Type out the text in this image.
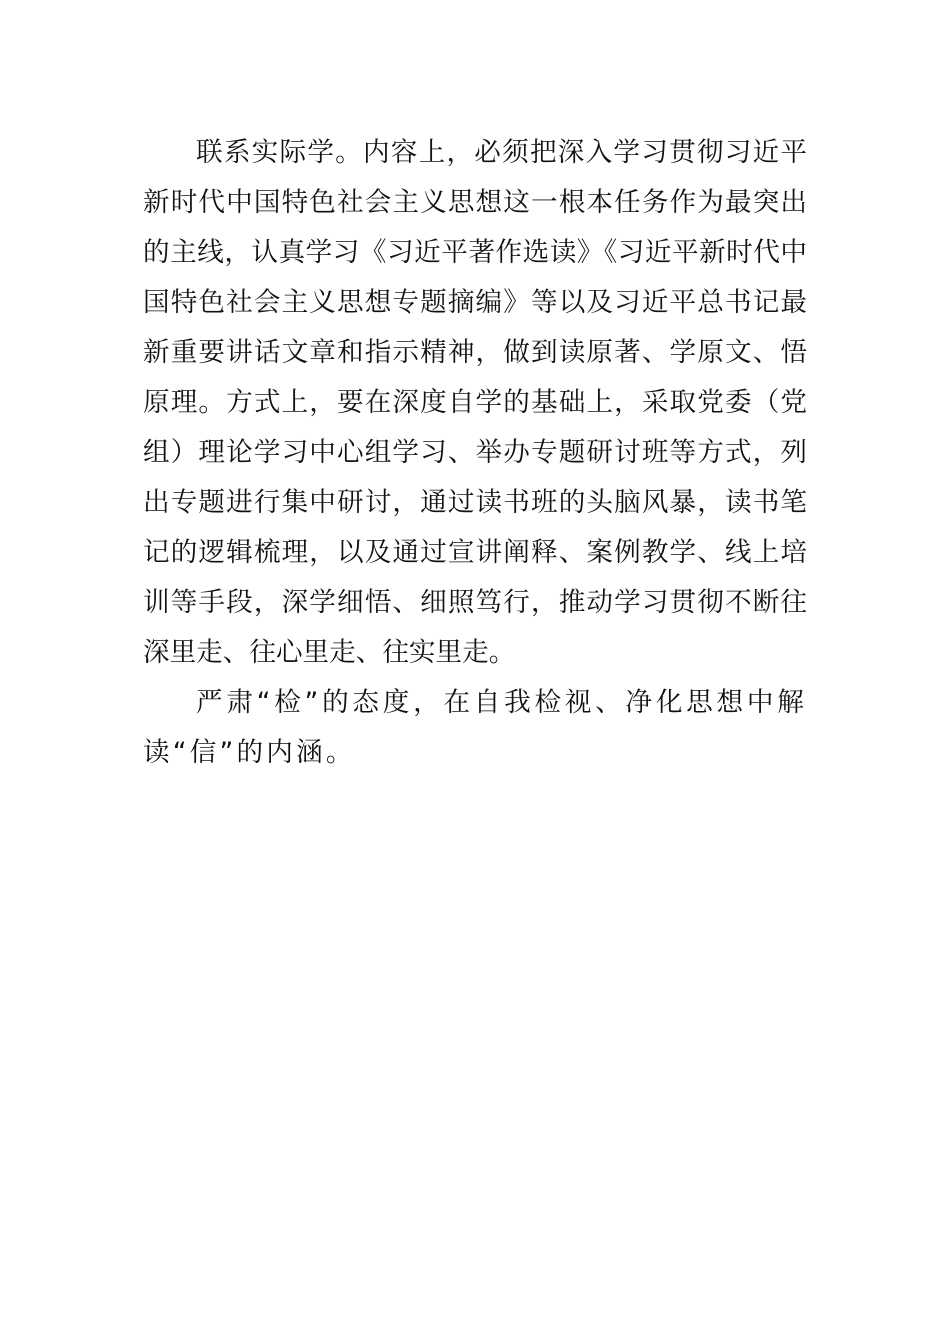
联系实际学。内容上，必须把深入学习贯彻习近平新时代中国特色社会主义思想这一根本任务作为最突出的主线，认真学习《习近平著作选读》《习近平新时代中国特色社会主义思想专题摘编》等以及习近平总书记最新重要讲话文章和指示精神，做到读原著、学原文、悟原理。方式上，要在深度自学的基础上，采取党委（党组）理论学习中心组学习、举办专题研讨班等方式，列出专题进行集中研讨，通过读书班的头脑风暴，读书笔记的逻辑梳理，以及通过宣讲阐释、案例教学、线上培训等手段，深学细悟、细照笃行，推动学习贯彻不断往深里走、往心里走、往实里走。

严肃“检”的态度，在自我检视、净化思想中解读“信”的内涵。
